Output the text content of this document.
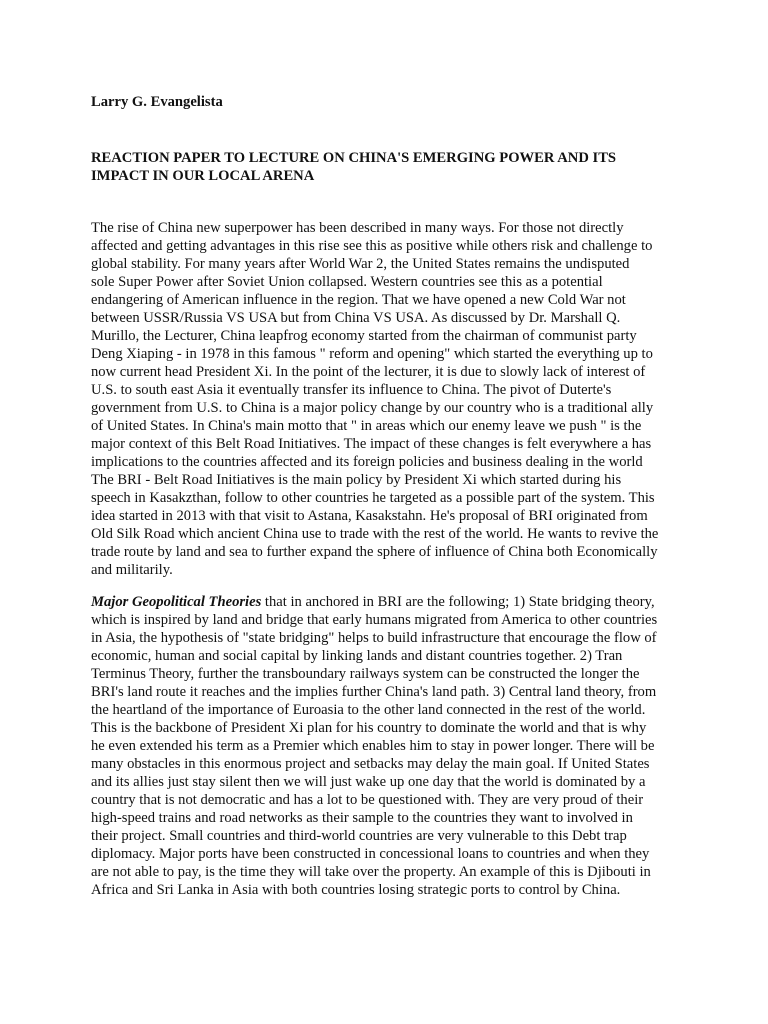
Larry G. Evangelista
REACTION PAPER TO LECTURE ON CHINA'S EMERGING POWER AND ITS
IMPACT IN OUR LOCAL ARENA
The rise of China new superpower has been described in many ways. For those not directly
affected and getting advantages in this rise see this as positive while others risk and challenge to
global stability. For many years after World War 2, the United States remains the undisputed
sole Super Power after Soviet Union collapsed. Western countries see this as a potential
endangering of American influence in the region. That we have opened a new Cold War not
between USSR/Russia VS USA but from China VS USA. As discussed by Dr. Marshall Q.
Murillo, the Lecturer, China leapfrog economy started from the chairman of communist party
Deng Xiaping - in 1978 in this famous " reform and opening" which started the everything up to
now current head President Xi. In the point of the lecturer, it is due to slowly lack of interest of
U.S. to south east Asia it eventually transfer its influence to China. The pivot of Duterte's
government from U.S. to China is a major policy change by our country who is a traditional ally
of United States. In China's main motto that " in areas which our enemy leave we push " is the
major context of this Belt Road Initiatives. The impact of these changes is felt everywhere a has
implications to the countries affected and its foreign policies and business dealing in the world
The BRI - Belt Road Initiatives is the main policy by President Xi which started during his
speech in Kasakzthan, follow to other countries he targeted as a possible part of the system. This
idea started in 2013 with that visit to Astana, Kasakstahn. He's proposal of BRI originated from
Old Silk Road which ancient China use to trade with the rest of the world. He wants to revive the
trade route by land and sea to further expand the sphere of influence of China both Economically
and militarily.
Major Geopolitical Theories that in anchored in BRI are the following; 1) State bridging theory,
which is inspired by land and bridge that early humans migrated from America to other countries
in Asia, the hypothesis of "state bridging" helps to build infrastructure that encourage the flow of
economic, human and social capital by linking lands and distant countries together. 2) Tran
Terminus Theory, further the transboundary railways system can be constructed the longer the
BRI's land route it reaches and the implies further China's land path. 3) Central land theory, from
the heartland of the importance of Euroasia to the other land connected in the rest of the world.
This is the backbone of President Xi plan for his country to dominate the world and that is why
he even extended his term as a Premier which enables him to stay in power longer. There will be
many obstacles in this enormous project and setbacks may delay the main goal. If United States
and its allies just stay silent then we will just wake up one day that the world is dominated by a
country that is not democratic and has a lot to be questioned with. They are very proud of their
high-speed trains and road networks as their sample to the countries they want to involved in
their project. Small countries and third-world countries are very vulnerable to this Debt trap
diplomacy. Major ports have been constructed in concessional loans to countries and when they
are not able to pay, is the time they will take over the property. An example of this is Djibouti in
Africa and Sri Lanka in Asia with both countries losing strategic ports to control by China.
